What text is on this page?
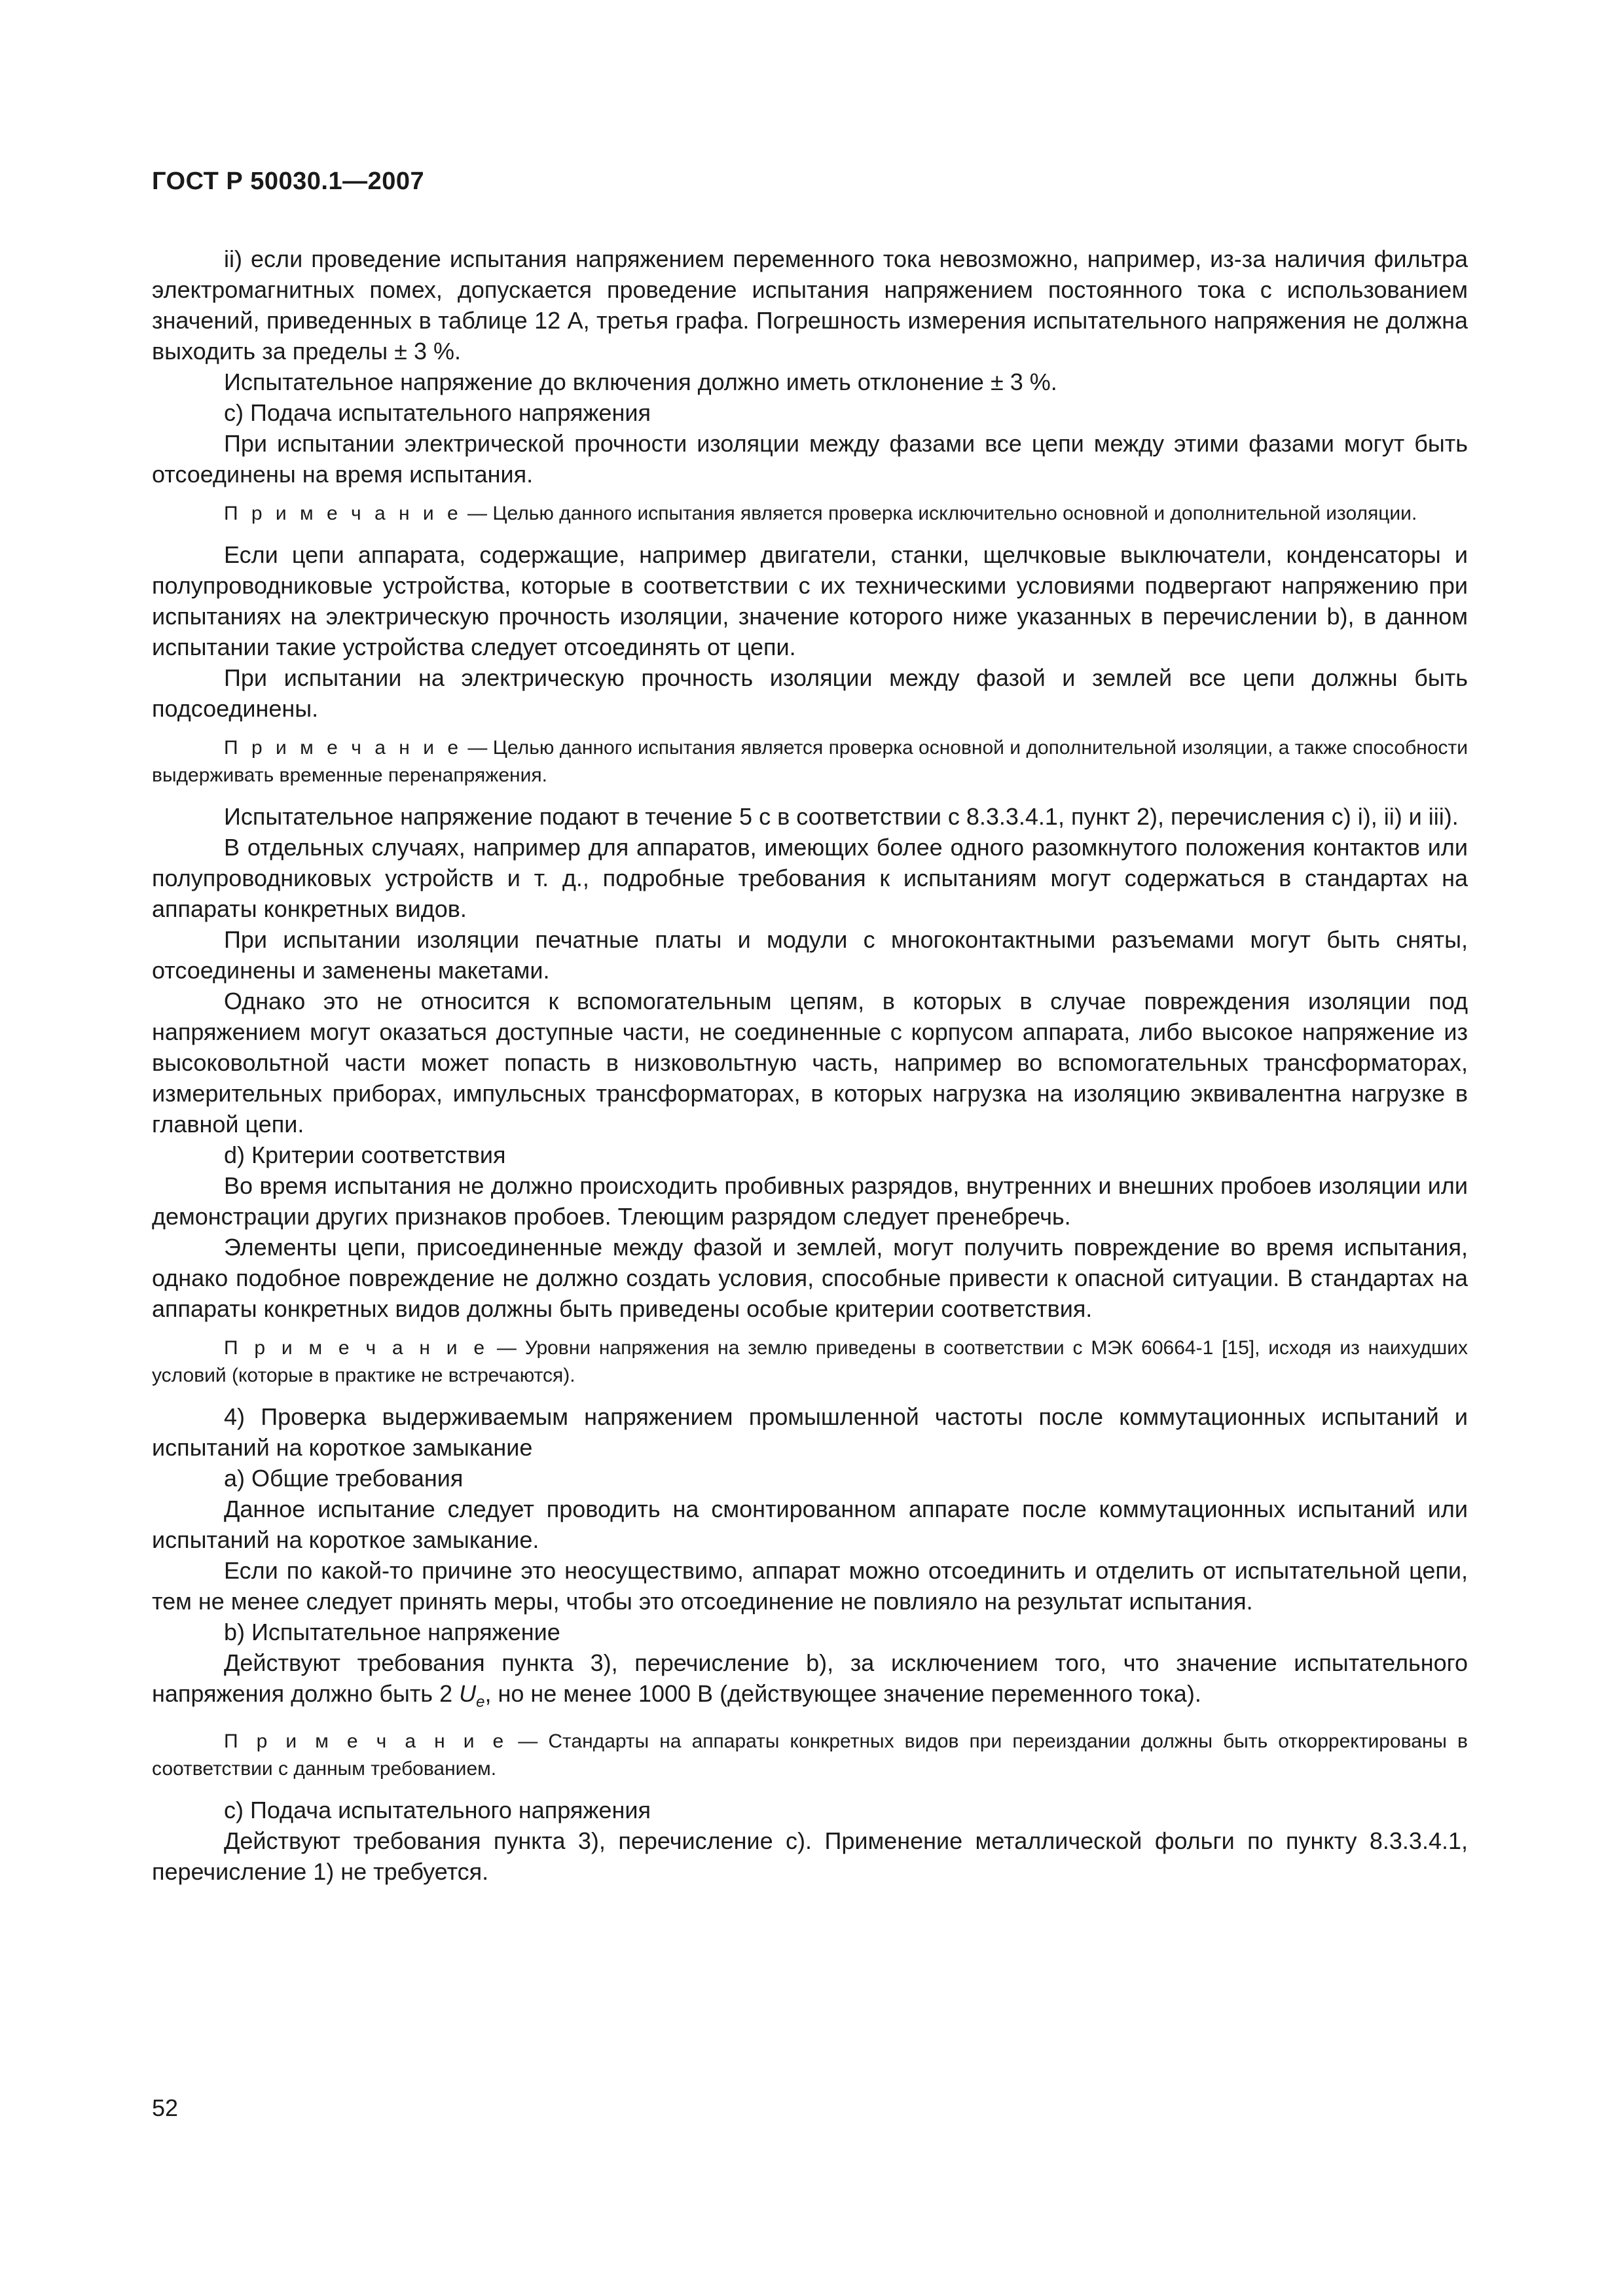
ГОСТ Р 50030.1—2007

ii) если проведение испытания напряжением переменного тока невозможно, например, из-за наличия фильтра электромагнитных помех, допускается проведение испытания напряжением постоянного тока с использованием значений, приведенных в таблице 12 А, третья графа. Погрешность измерения испытательного напряжения не должна выходить за пределы ± 3 %.

Испытательное напряжение до включения должно иметь отклонение ± 3 %.

с) Подача испытательного напряжения

При испытании электрической прочности изоляции между фазами все цепи между этими фазами могут быть отсоединены на время испытания.

П р и м е ч а н и е — Целью данного испытания является проверка исключительно основной и дополнительной изоляции.

Если цепи аппарата, содержащие, например двигатели, станки, щелчковые выключатели, конденсаторы и полупроводниковые устройства, которые в соответствии с их техническими условиями подвергают напряжению при испытаниях на электрическую прочность изоляции, значение которого ниже указанных в перечислении b), в данном испытании такие устройства следует отсоединять от цепи.

При испытании на электрическую прочность изоляции между фазой и землей все цепи должны быть подсоединены.

П р и м е ч а н и е — Целью данного испытания является проверка основной и дополнительной изоляции, а также способности выдерживать временные перенапряжения.

Испытательное напряжение подают в течение 5 с в соответствии с 8.3.3.4.1, пункт 2), перечисления с) i), ii) и iii).

В отдельных случаях, например для аппаратов, имеющих более одного разомкнутого положения контактов или полупроводниковых устройств и т. д., подробные требования к испытаниям могут содержаться в стандартах на аппараты конкретных видов.

При испытании изоляции печатные платы и модули с многоконтактными разъемами могут быть сняты, отсоединены и заменены макетами.

Однако это не относится к вспомогательным цепям, в которых в случае повреждения изоляции под напряжением могут оказаться доступные части, не соединенные с корпусом аппарата, либо высокое напряжение из высоковольтной части может попасть в низковольтную часть, например во вспомогательных трансформаторах, измерительных приборах, импульсных трансформаторах, в которых нагрузка на изоляцию эквивалентна нагрузке в главной цепи.

d) Критерии соответствия

Во время испытания не должно происходить пробивных разрядов, внутренних и внешних пробоев изоляции или демонстрации других признаков пробоев. Тлеющим разрядом следует пренебречь.

Элементы цепи, присоединенные между фазой и землей, могут получить повреждение во время испытания, однако подобное повреждение не должно создать условия, способные привести к опасной ситуации. В стандартах на аппараты конкретных видов должны быть приведены особые критерии соответствия.

П р и м е ч а н и е — Уровни напряжения на землю приведены в соответствии с МЭК 60664-1 [15], исходя из наихудших условий (которые в практике не встречаются).

4) Проверка выдерживаемым напряжением промышленной частоты после коммутационных испытаний и испытаний на короткое замыкание

a) Общие требования

Данное испытание следует проводить на смонтированном аппарате после коммутационных испытаний или испытаний на короткое замыкание.

Если по какой-то причине это неосуществимо, аппарат можно отсоединить и отделить от испытательной цепи, тем не менее следует принять меры, чтобы это отсоединение не повлияло на результат испытания.

b) Испытательное напряжение

Действуют требования пункта 3), перечисление b), за исключением того, что значение испытательного напряжения должно быть 2 $U_e$, но не менее 1000 В (действующее значение переменного тока).

П р и м е ч а н и е — Стандарты на аппараты конкретных видов при переиздании должны быть откорректированы в соответствии с данным требованием.

с) Подача испытательного напряжения

Действуют требования пункта 3), перечисление с). Применение металлической фольги по пункту 8.3.3.4.1, перечисление 1) не требуется.

52
